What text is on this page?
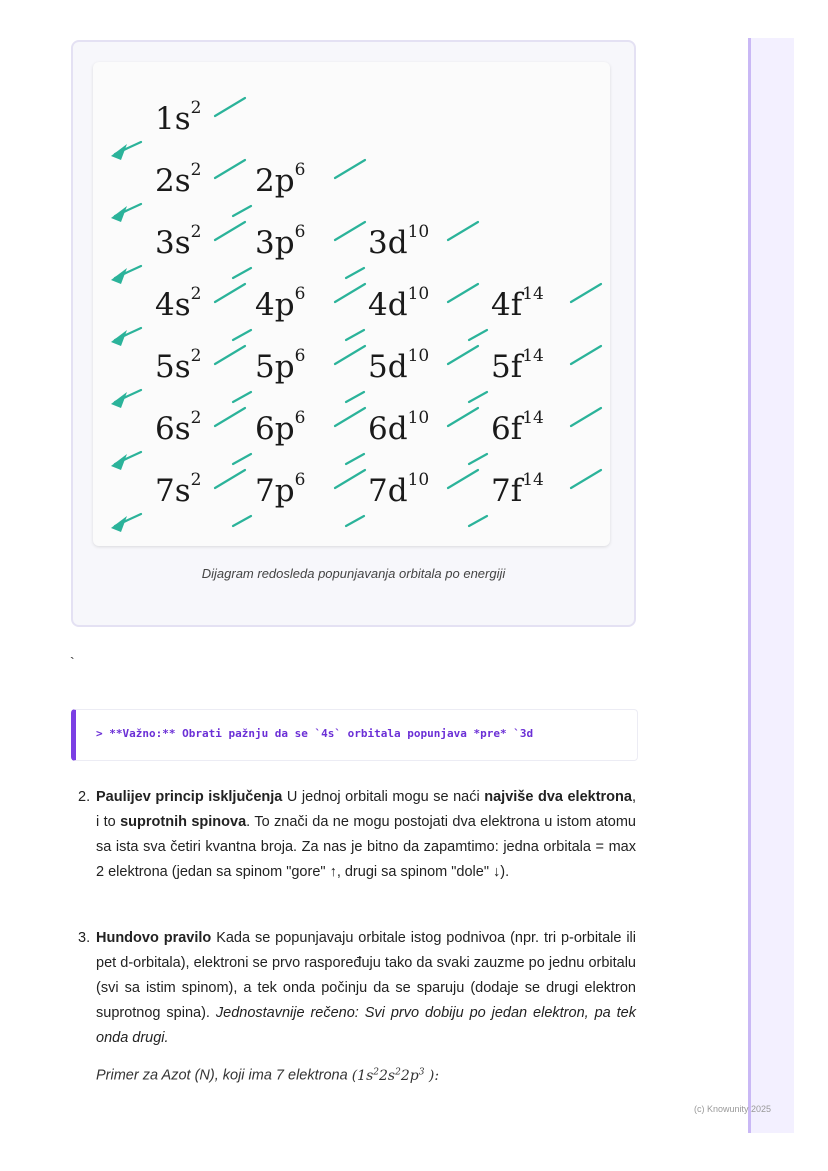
$1s^2$
$2s^2$ $2p^6$
$3s^2$ $3p^6$ $3d^{10}$
$4s^2$ $4p^6$ $4d^{10}$ $4f^{14}$
$5s^2$ $5p^6$ $5d^{10}$ $5f^{14}$
$6s^2$ $6p^6$ $6d^{10}$ $6f^{14}$
$7s^2$ $7p^6$ $7d^{10}$ $7f^{14}$
Dijagram redosleda popunjavanja orbitala po energiji
`
> **Važno:** Obrati pažnju da se `4s` orbitala popunjava *pre* `3d
2. Paulijev princip isključenja U jednoj orbitali mogu se naći najviše dva elektrona, i to suprotnih spinova. To znači da ne mogu postojati dva elektrona u istom atomu sa ista sva četiri kvantna broja. Za nas je bitno da zapamtimo: jedna orbitala = max 2 elektrona (jedan sa spinom "gore" ↑, drugi sa spinom "dole" ↓).
3. Hundovo pravilo Kada se popunjavaju orbitale istog podnivoa (npr. tri p-orbitale ili pet d-orbitala), elektroni se prvo raspoređuju tako da svaki zauzme po jednu orbitalu (svi sa istim spinom), a tek onda počinju da se sparuju (dodaje se drugi elektron suprotnog spina). Jednostavnije rečeno: Svi prvo dobiju po jedan elektron, pa tek onda drugi.
Primer za Azot (N), koji ima 7 elektrona ($1s^22s^22p^3$ ):
(c) Knowunity 2025
